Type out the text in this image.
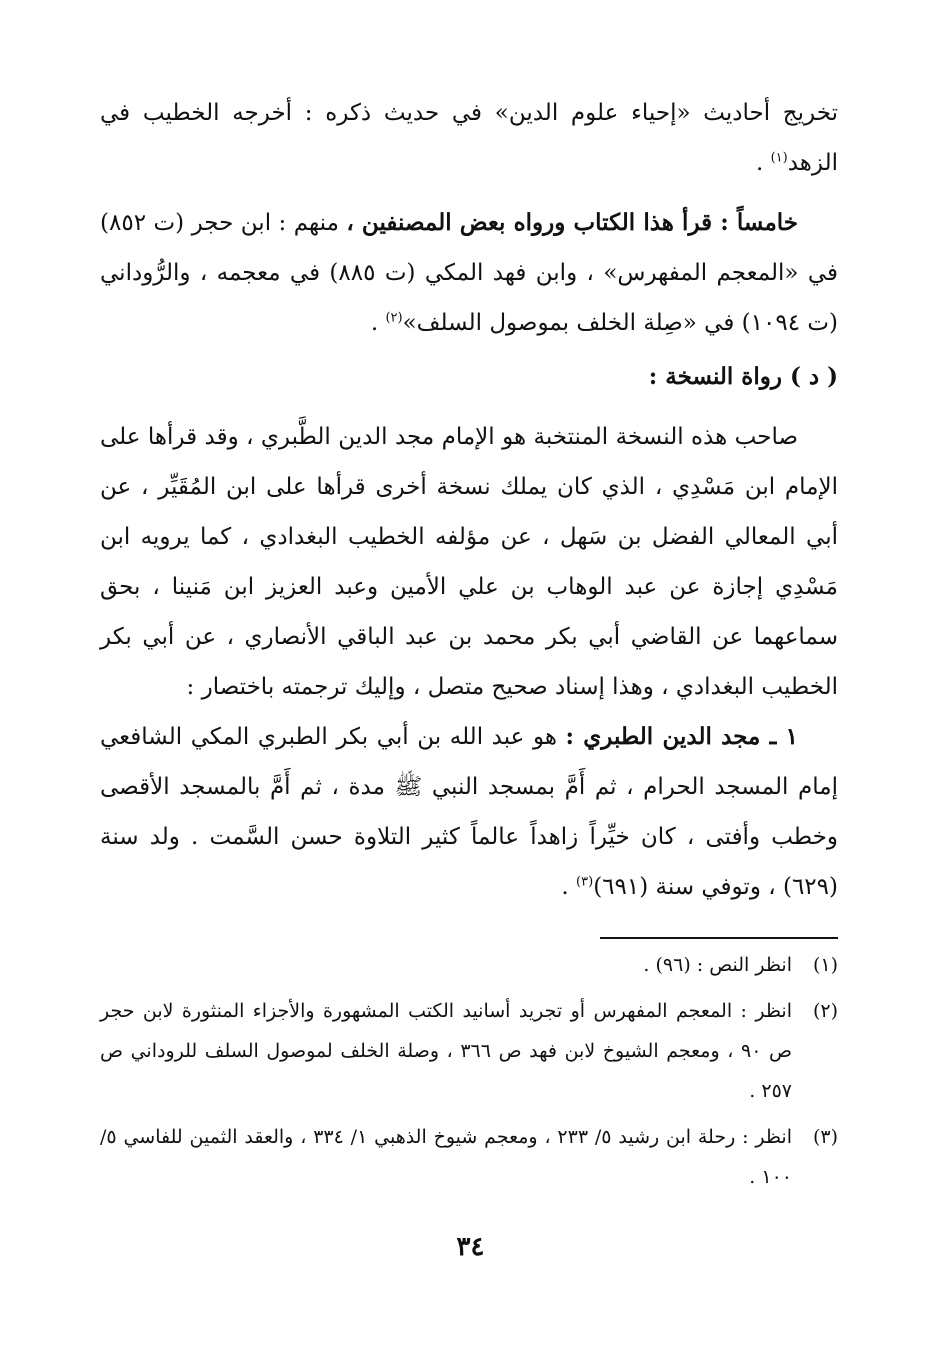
تخريج أحاديث «إحياء علوم الدين» في حديث ذكره : أخرجه الخطيب في الزهد$^{(١)}$ .

خامساً : قرأ هذا الكتاب ورواه بعض المصنفين ، منهم : ابن حجر (ت ٨٥٢) في «المعجم المفهرس» ، وابن فهد المكي (ت ٨٨٥) في معجمه ، والرُّوداني (ت ١٠٩٤) في «صِلة الخلف بموصول السلف»$^{(٢)}$ .

( د ) رواة النسخة :

صاحب هذه النسخة المنتخبة هو الإمام مجد الدين الطَّبري ، وقد قرأها على الإمام ابن مَسْدِي ، الذي كان يملك نسخة أخرى قرأها على ابن المُقَيِّر ، عن أبي المعالي الفضل بن سَهل ، عن مؤلفه الخطيب البغدادي ، كما يرويه ابن مَسْدِي إجازة عن عبد الوهاب بن علي الأمين وعبد العزيز ابن مَنينا ، بحق سماعهما عن القاضي أبي بكر محمد بن عبد الباقي الأنصاري ، عن أبي بكر الخطيب البغدادي ، وهذا إسناد صحيح متصل ، وإليك ترجمته باختصار :

١ ـ مجد الدين الطبري : هو عبد الله بن أبي بكر الطبري المكي الشافعي إمام المسجد الحرام ، ثم أَمَّ بمسجد النبي ﷺ مدة ، ثم أَمَّ بالمسجد الأقصى وخطب وأفتى ، كان خيِّراً زاهداً عالماً كثير التلاوة حسن السَّمت . ولد سنة (٦٢٩) ، وتوفي سنة (٦٩١)$^{(٣)}$ .

(١)
انظر النص : (٩٦) .
(٢)
انظر : المعجم المفهرس أو تجريد أسانيد الكتب المشهورة والأجزاء المنثورة لابن حجر ص ٩٠ ، ومعجم الشيوخ لابن فهد ص ٣٦٦ ، وصلة الخلف لموصول السلف للروداني ص ٢٥٧ .
(٣)
انظر : رحلة ابن رشيد ٥/ ٢٣٣ ، ومعجم شيوخ الذهبي ١/ ٣٣٤ ، والعقد الثمين للفاسي ٥/ ١٠٠ .
٣٤
